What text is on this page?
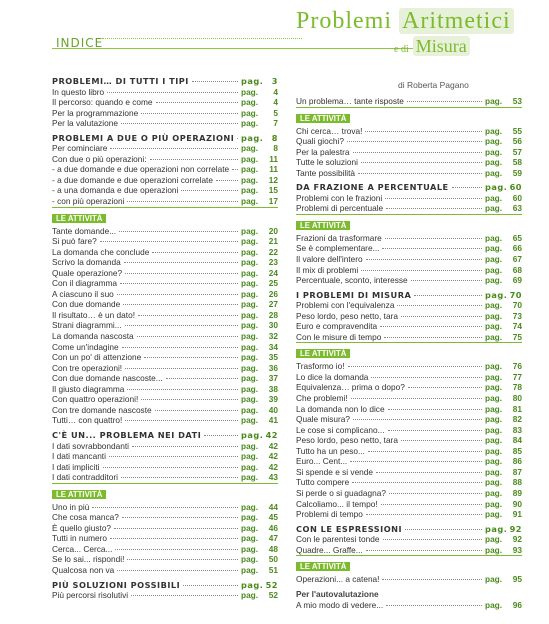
INDICE
Problemi Aritmetici
e di Misura
di Roberta Pagano
PROBLEMI… DI TUTTI I TIPI	pag.	3
In questo libro	pag.	4
Il percorso: quando e come	pag.	4
Per la programmazione	pag.	5
Per la valutazione	pag.	7
PROBLEMI A DUE O PIÙ OPERAZIONI pag.	8
Per cominciare	pag.	8
Con due o più operazioni:	pag.	11
- a due domande e due operazioni non correlate pag.	11
- a due domande e due operazioni correlate	pag.	12
- a una domanda e due operazioni	pag.	15
- con più operazioni	pag.	17
LE ATTIVITÀ
Tante domande...	pag.	20
Si può fare?	pag.	21
La domanda che conclude	pag.	22
Scrivo la domanda	pag.	23
Quale operazione?	pag.	24
Con il diagramma	pag.	25
A ciascuno il suo	pag.	26
Con due domande	pag.	27
Il risultato… è un dato!	pag.	28
Strani diagrammi...	pag.	30
La domanda nascosta	pag.	32
Come un'indagine	pag.	34
Con un po' di attenzione	pag.	35
Con tre operazioni!	pag.	36
Con due domande nascoste...	pag.	37
Il giusto diagramma	pag.	38
Con quattro operazioni!	pag.	39
Con tre domande nascoste	pag.	40
Tutti… con quattro!	pag.	41
C'È UN... PROBLEMA NEI DATI	pag. 42
I dati sovrabbondanti	pag.	42
I dati mancanti	pag.	42
I dati impliciti	pag.	42
I dati contradditori	pag.	43
LE ATTIVITÀ
Uno in più	pag.	44
Che cosa manca?	pag.	45
È quello giusto?	pag.	46
Tutti in numero	pag.	47
Cerca... Cerca...	pag.	48
Se lo sai... rispondi!	pag.	50
Qualcosa non va	pag.	51
PIÙ SOLUZIONI POSSIBILI	pag. 52
Più percorsi risolutivi	pag.	52
Un problema… tante risposte	pag.	53
LE ATTIVITÀ
Chi cerca… trova!	pag.	55
Quali giochi?	pag.	56
Per la palestra	pag.	57
Tutte le soluzioni	pag.	58
Tante possibilità	pag.	59
DA FRAZIONE A PERCENTUALE	pag. 60
Problemi con le frazioni	pag.	60
Problemi di percentuale	pag.	63
LE ATTIVITÀ
Frazioni da trasformare	pag.	65
Se è complementare...	pag.	66
Il valore dell'intero	pag.	67
Il mix di problemi	pag.	68
Percentuale, sconto, interesse	pag.	69
I PROBLEMI DI MISURA	pag. 70
Problemi con l'equivalenza	pag.	70
Peso lordo, peso netto, tara	pag.	73
Euro e compravendita	pag.	74
Con le misure di tempo	pag.	75
LE ATTIVITÀ
Trasformo io!	pag.	76
Lo dice la domanda	pag.	77
Equivalenza… prima o dopo?	pag.	78
Che problemi!	pag.	80
La domanda non lo dice	pag.	81
Quale misura?	pag.	82
Le cose si complicano...	pag.	83
Peso lordo, peso netto, tara	pag.	84
Tutto ha un peso...	pag.	85
Euro... Cent...	pag.	86
Si spende e si vende	pag.	87
Tutto compere	pag.	88
Si perde o si guadagna?	pag.	89
Calcoliamo... il tempo!	pag.	90
Problemi di tempo	pag.	91
CON LE ESPRESSIONI	pag. 92
Con le parentesi tonde	pag.	92
Quadre... Graffe...	pag.	93
LE ATTIVITÀ
Operazioni... a catena!	pag.	95
Per l'autovalutazione
A mio modo di vedere...	pag.	96
